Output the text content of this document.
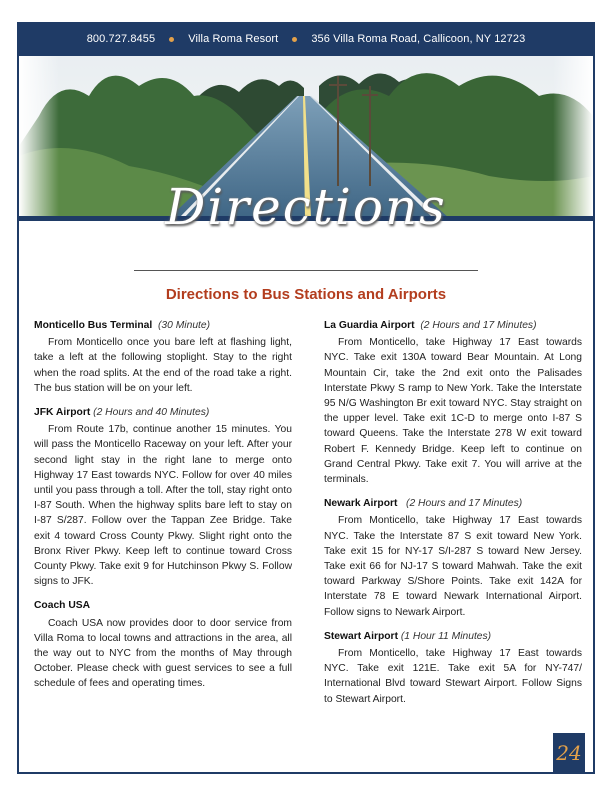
800.727.8455	Villa Roma Resort	356 Villa Roma Road, Callicoon, NY 12723
Directions
Directions to Bus Stations and Airports
Monticello Bus Terminal (30 Minute)
From Monticello once you bare left at flashing light, take a left at the following stoplight. Stay to the right when the road splits. At the end of the road take a right. The bus station will be on your left.
JFK Airport (2 Hours and 40 Minutes)
From Route 17b, continue another 15 minutes. You will pass the Monticello Raceway on your left. After your second light stay in the right lane to merge onto Highway 17 East towards NYC. Follow for over 40 miles until you pass through a toll. After the toll, stay right onto I-87 South. When the highway splits bare left to stay on I-87 S/287. Follow over the Tappan Zee Bridge. Take exit 4 toward Cross County Pkwy. Slight right onto the Bronx River Pkwy. Keep left to continue toward Cross County Pkwy. Take exit 9 for Hutchinson Pkwy S. Follow signs to JFK.
Coach USA
Coach USA now provides door to door service from Villa Roma to local towns and attractions in the area, all the way out to NYC from the months of May through October. Please check with guest services to see a full schedule of fees and operating times.
La Guardia Airport (2 Hours and 17 Minutes)
From Monticello, take Highway 17 East towards NYC. Take exit 130A toward Bear Mountain. At Long Mountain Cir, take the 2nd exit onto the Palisades Interstate Pkwy S ramp to New York. Take the Interstate 95 N/G Washington Br exit toward NYC. Stay straight on the upper level. Take exit 1C-D to merge onto I-87 S toward Queens. Take the Interstate 278 W exit toward Robert F. Kennedy Bridge. Keep left to continue on Grand Central Pkwy. Take exit 7. You will arrive at the terminals.
Newark Airport (2 Hours and 17 Minutes)
From Monticello, take Highway 17 East towards NYC. Take the Interstate 87 S exit toward New York. Take exit 15 for NY-17 S/I-287 S toward New Jersey. Take exit 66 for NJ-17 S toward Mahwah. Take the exit toward Parkway S/Shore Points. Take exit 142A for Interstate 78 E toward Newark International Airport. Follow signs to Newark Airport.
Stewart Airport (1 Hour 11 Minutes)
From Monticello, take Highway 17 East towards NYC. Take exit 121E. Take exit 5A for NY-747/ International Blvd toward Stewart Airport. Follow Signs to Stewart Airport.
24
